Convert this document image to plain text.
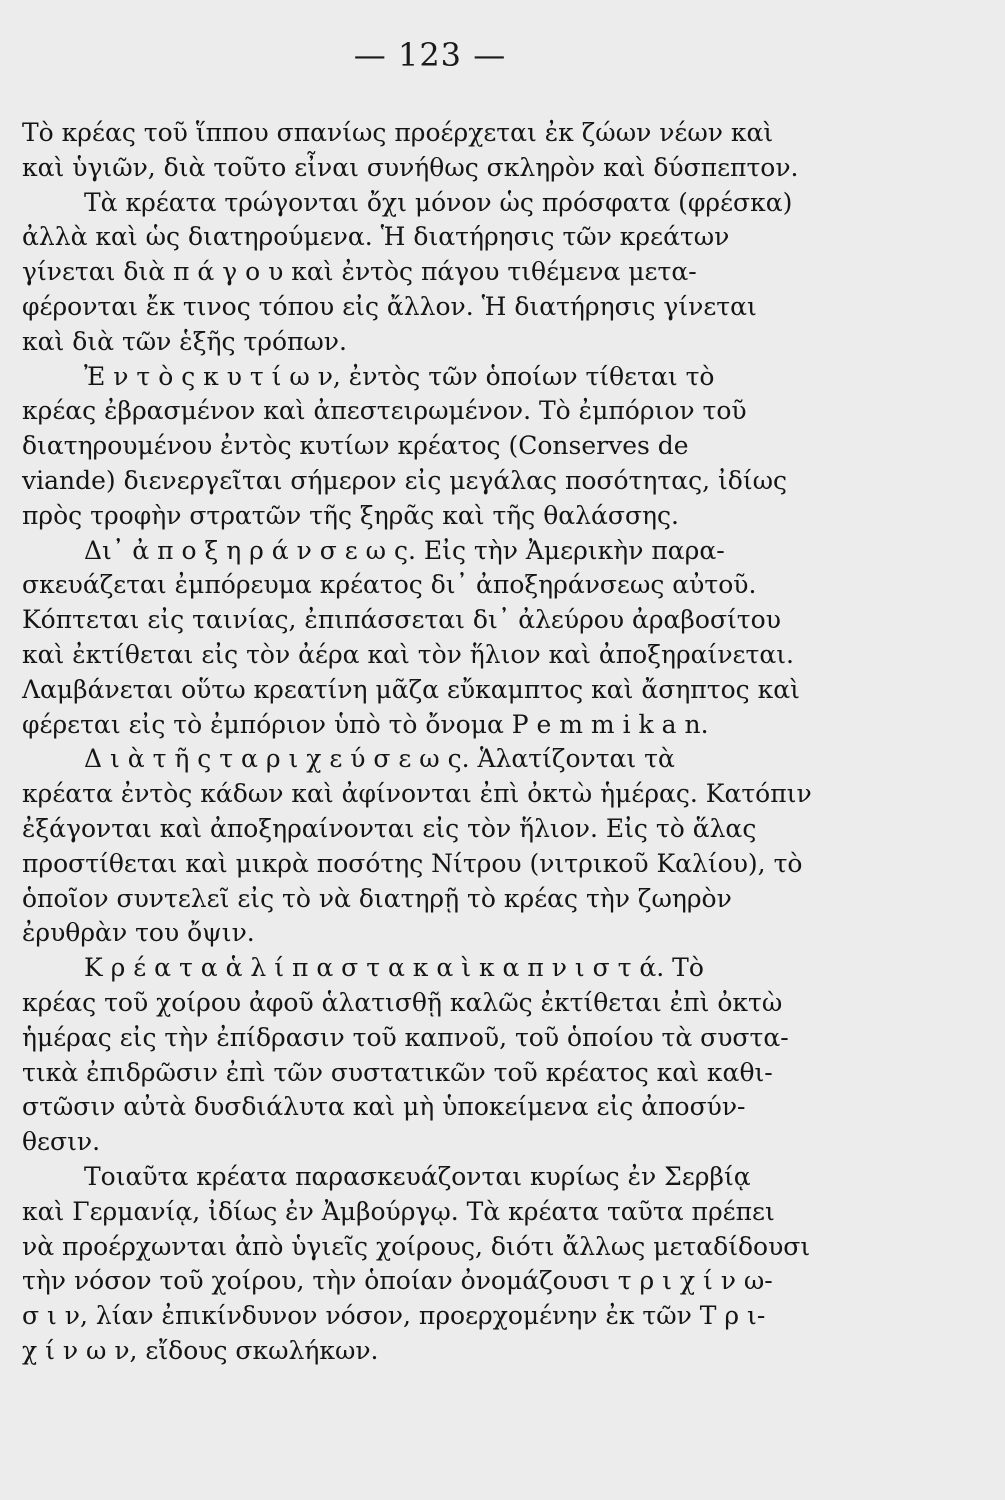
— 123 —
Τὸ κρέας τοῦ ἵππου σπανίως προέρχεται ἐκ ζώων νέων καὶ
καὶ ὑγιῶν, διὰ τοῦτο εἶναι συνήθως σκληρὸν καὶ δύσπεπτον.
Τὰ κρέατα τρώγονται ὄχι μόνον ὡς πρόσφατα (φρέσκα)
ἀλλὰ καὶ ὡς διατηρούμενα. Ἡ διατήρησις τῶν κρεάτων
γίνεται διὰ π ά γ ο υ καὶ ἐντὸς πάγου τιθέμενα μετα-
φέρονται ἔκ τινος τόπου εἰς ἄλλον. Ἡ διατήρησις γίνεται
καὶ διὰ τῶν ἑξῆς τρόπων.
Ἐ ν τ ὸ ς κ υ τ ί ω ν, ἐντὸς τῶν ὁποίων τίθεται τὸ
κρέας ἐβρασμένον καὶ ἀπεστειρωμένον. Τὸ ἐμπόριον τοῦ
διατηρουμένου ἐντὸς κυτίων κρέατος (Conserves de
viande) διενεργεῖται σήμερον εἰς μεγάλας ποσότητας, ἰδίως
πρὸς τροφὴν στρατῶν τῆς ξηρᾶς καὶ τῆς θαλάσσης.
Δι᾽ ἀ π ο ξ η ρ ά ν σ ε ω ς. Εἰς τὴν Ἀμερικὴν παρα-
σκευάζεται ἐμπόρευμα κρέατος δι᾽ ἀποξηράνσεως αὐτοῦ.
Κόπτεται εἰς ταινίας, ἐπιπάσσεται δι᾽ ἀλεύρου ἀραβοσίτου
καὶ ἐκτίθεται εἰς τὸν ἀέρα καὶ τὸν ἥλιον καὶ ἀποξηραίνεται.
Λαμβάνεται οὕτω κρεατίνη μᾶζα εὔκαμπτος καὶ ἄσηπτος καὶ
φέρεται εἰς τὸ ἐμπόριον ὑπὸ τὸ ὄνομα P e m m i k a n.
Δ ι ὰ τ ῆ ς τ α ρ ι χ ε ύ σ ε ω ς. Ἁλατίζονται τὰ
κρέατα ἐντὸς κάδων καὶ ἀφίνονται ἐπὶ ὀκτὼ ἡμέρας. Κατόπιν
ἐξάγονται καὶ ἀποξηραίνονται εἰς τὸν ἥλιον. Εἰς τὸ ἅλας
προστίθεται καὶ μικρὰ ποσότης Νίτρου (νιτρικοῦ Καλίου), τὸ
ὁποῖον συντελεῖ εἰς τὸ νὰ διατηρῇ τὸ κρέας τὴν ζωηρὸν
ἐρυθρὰν του ὄψιν.
Κ ρ έ α τ α ἁ λ ί π α σ τ α κ α ὶ κ α π ν ι σ τ ά. Τὸ
κρέας τοῦ χοίρου ἀφοῦ ἁλατισθῇ καλῶς ἐκτίθεται ἐπὶ ὀκτὼ
ἡμέρας εἰς τὴν ἐπίδρασιν τοῦ καπνοῦ, τοῦ ὁποίου τὰ συστα-
τικὰ ἐπιδρῶσιν ἐπὶ τῶν συστατικῶν τοῦ κρέατος καὶ καθι-
στῶσιν αὐτὰ δυσδιάλυτα καὶ μὴ ὑποκείμενα εἰς ἀποσύν-
θεσιν.
Τοιαῦτα κρέατα παρασκευάζονται κυρίως ἐν Σερβίᾳ
καὶ Γερμανίᾳ, ἰδίως ἐν Ἀμβούργῳ. Τὰ κρέατα ταῦτα πρέπει
νὰ προέρχωνται ἀπὸ ὑγιεῖς χοίρους, διότι ἄλλως μεταδίδουσι
τὴν νόσον τοῦ χοίρου, τὴν ὁποίαν ὀνομάζουσι τ ρ ι χ ί ν ω-
σ ι ν, λίαν ἐπικίνδυνον νόσον, προερχομένην ἐκ τῶν Τ ρ ι-
χ ί ν ω ν, εἴδους σκωλήκων.
